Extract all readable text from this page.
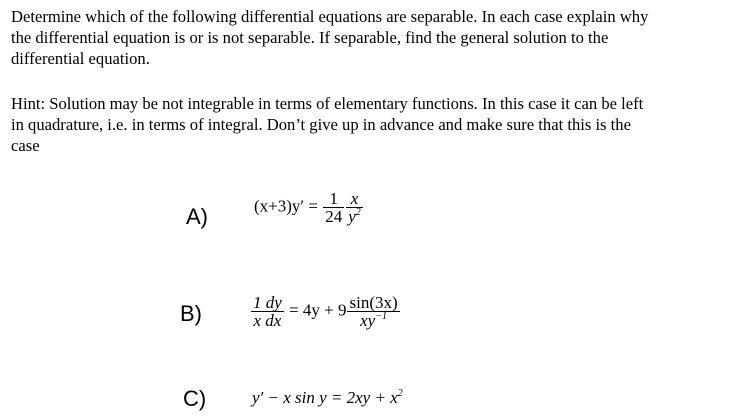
Determine which of the following differential equations are separable. In each case explain why
the differential equation is or is not separable. If separable, find the general solution to the
differential equation.
Hint: Solution may be not integrable in terms of elementary functions. In this case it can be left
in quadrature, i.e. in terms of integral. Don’t give up in advance and make sure that this is the
case
A)	$(x+3)y' = \frac{1}{24} \frac{x}{y^2}$
B)	$\frac{1 dy}{\text{x dx}} = 4y + 9 \frac{\sin(3x)}{xy^{-1}}$
C)	y′ − x $\sin y = 2xy + x^2$
